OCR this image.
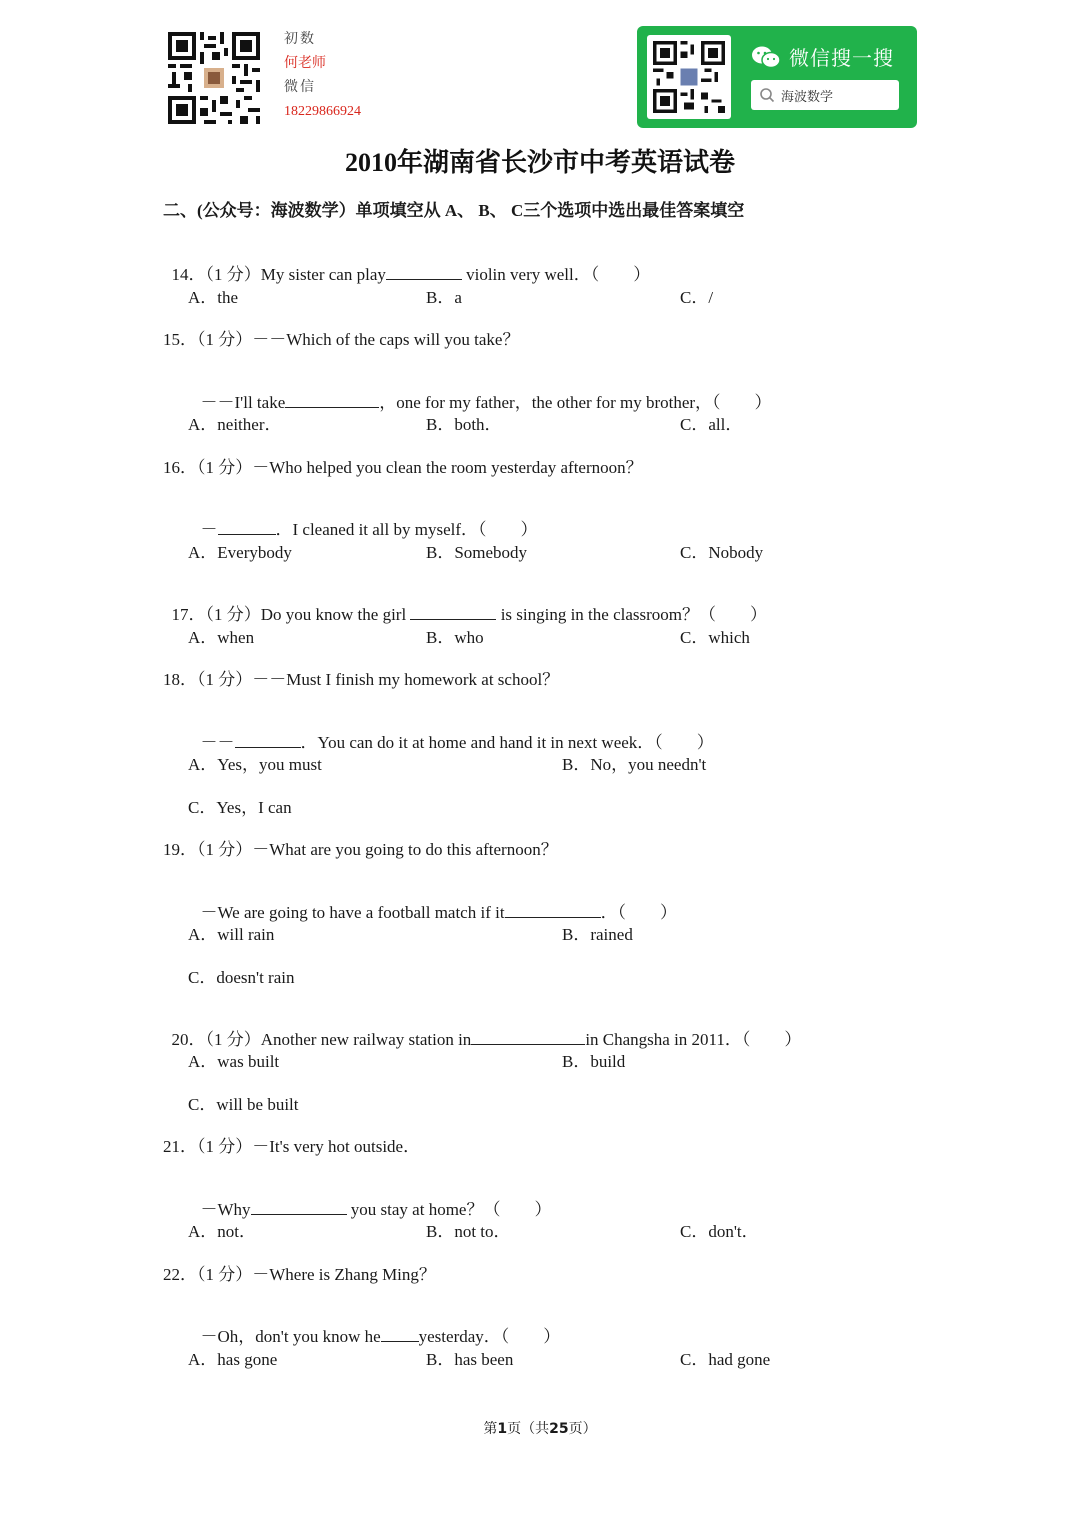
初数
何老师
微信
18229866924
微信搜一搜
海波数学
2010年湖南省长沙市中考英语试卷
二、(公众号：海波数学）单项填空从 A、 B、 C三个选项中选出最佳答案填空

14．（1 分）My sister can play	violin very well．（　　）

A．the	B．a	C．/
15．（1 分）－－Which of the caps will you take？

－－I'll take	，one for my father，the other for my brother，（　　）

A．neither．	B．both．	C．all．
16．（1 分）－Who helped you clean the room yesterday afternoon？

－	．I cleaned it all by myself．（　　）

A．Everybody	B．Somebody	C．Nobody

17．（1 分）Do you know the girl	is singing in the classroom？（　　）

A．when	B．who	C．which
18．（1 分）－－Must I finish my homework at school？

－－	．You can do it at home and hand it in next week．（　　）

A．Yes，you must	B．No，you needn't
C．Yes，I can
19．（1 分）－What are you going to do this afternoon？

－We are going to have a football match if it	．（　　）

A．will rain	B．rained
C．doesn't rain

20．（1 分）Another new railway station in	in Changsha in 2011．（　　）

A．was built	B．build
C．will be built
21．（1 分）－It's very hot outside．

－Why	you stay at home？（　　）

A．not．	B．not to．	C．don't．
22．（1 分）－Where is Zhang Ming？

－Oh，don't you know he yesterday．（　　）

A．has gone	B．has been	C．had gone
第1页（共25页）
